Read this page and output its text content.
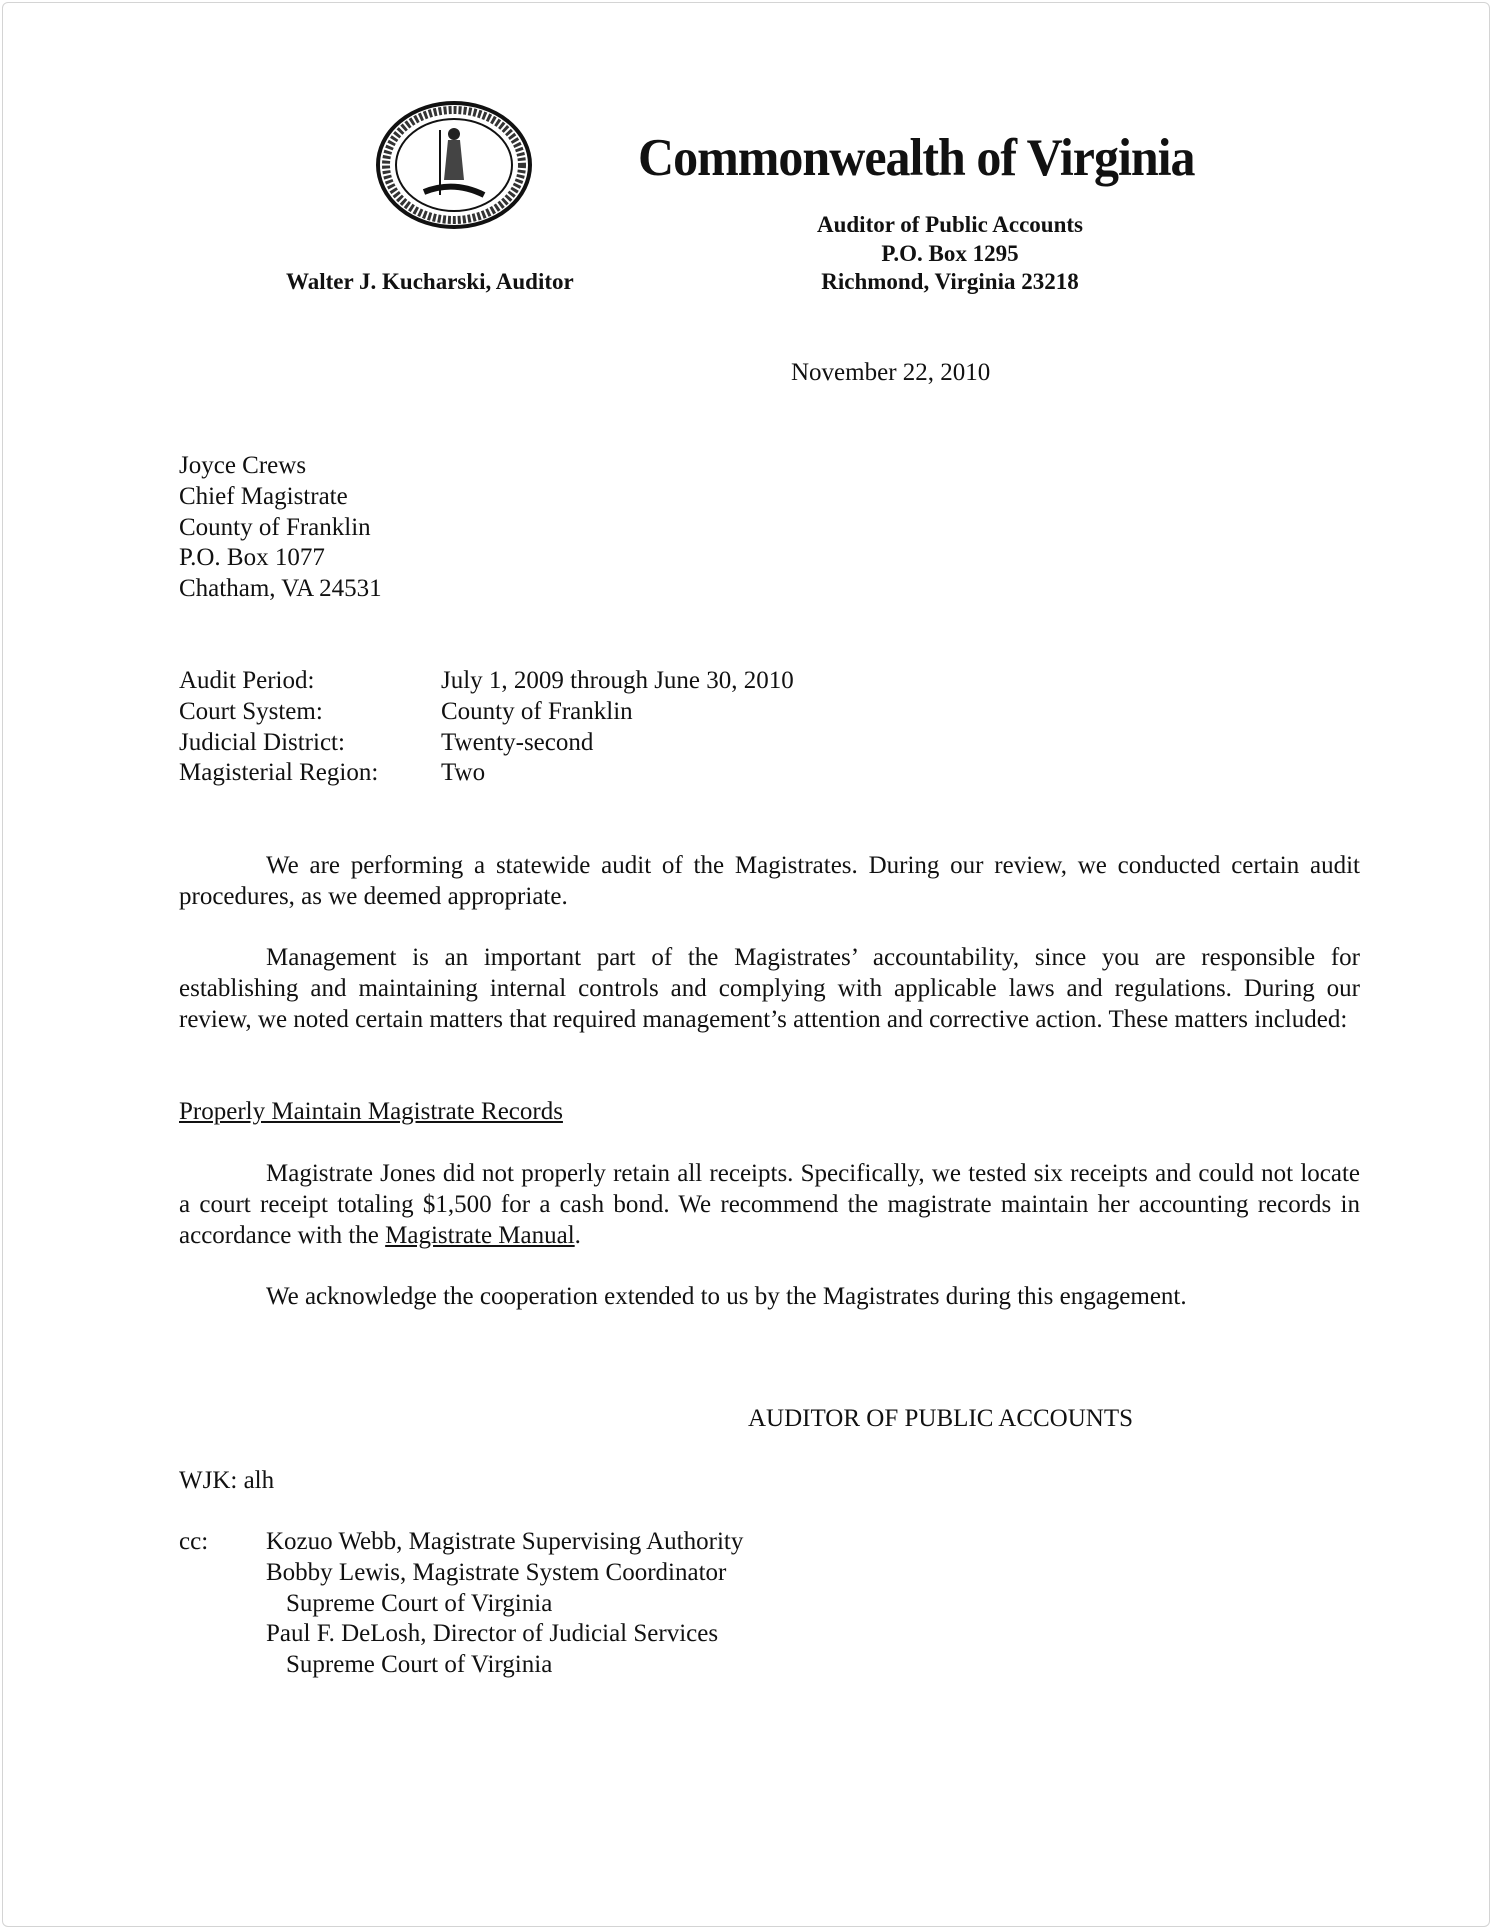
Commonwealth of Virginia
Auditor of Public Accounts
P.O. Box 1295
Richmond, Virginia 23218
Walter J. Kucharski, Auditor
November 22, 2010
Joyce Crews
Chief Magistrate
County of Franklin
P.O. Box 1077
Chatham, VA 24531
Audit Period:	July 1, 2009 through June 30, 2010
Court System:	County of Franklin
Judicial District:	Twenty-second
Magisterial Region:	Two
We are performing a statewide audit of the Magistrates. During our review, we conducted certain audit procedures, as we deemed appropriate.
Management is an important part of the Magistrates’ accountability, since you are responsible for establishing and maintaining internal controls and complying with applicable laws and regulations. During our review, we noted certain matters that required management’s attention and corrective action. These matters included:
Properly Maintain Magistrate Records
Magistrate Jones did not properly retain all receipts. Specifically, we tested six receipts and could not locate a court receipt totaling $1,500 for a cash bond. We recommend the magistrate maintain her accounting records in accordance with the Magistrate Manual.
We acknowledge the cooperation extended to us by the Magistrates during this engagement.
AUDITOR OF PUBLIC ACCOUNTS
WJK: alh
cc: Kozuo Webb, Magistrate Supervising Authority
Bobby Lewis, Magistrate System Coordinator
Supreme Court of Virginia
Paul F. DeLosh, Director of Judicial Services
Supreme Court of Virginia
